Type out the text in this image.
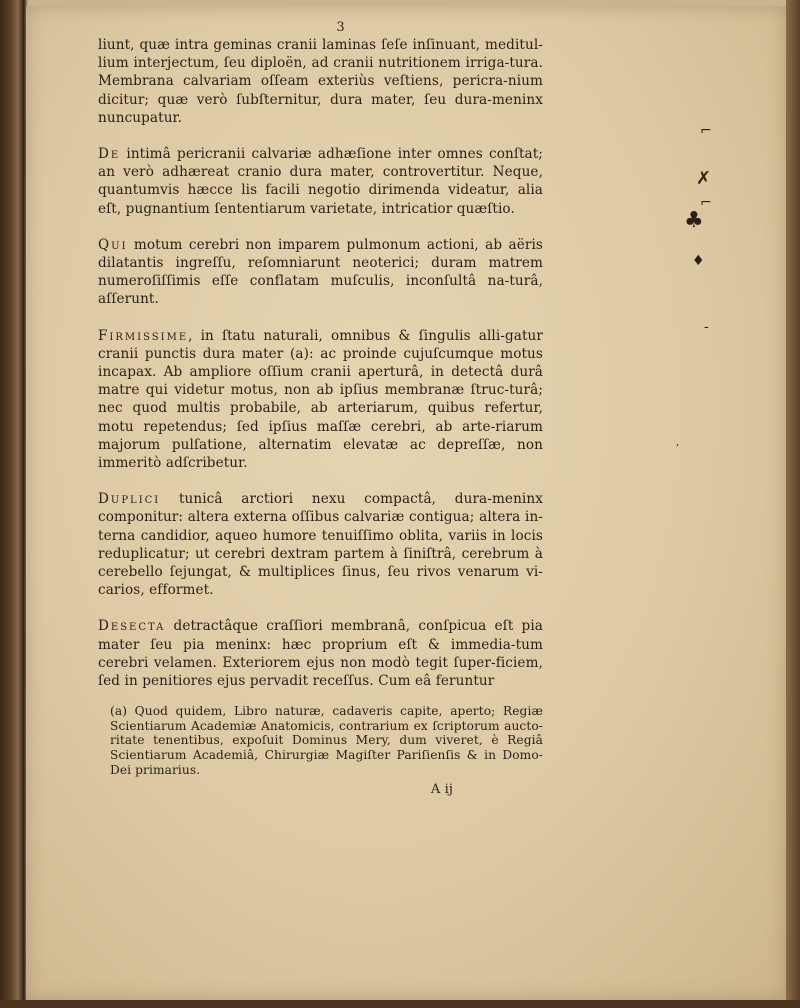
⌐
✗
⌐
♣
♦
-
,
3

liunt, quæ intra geminas cranii laminas ſeſe inſinuant, meditul-lium interjectum, ſeu diploën, ad cranii nutritionem irriga-tura. Membrana calvariam oſſeam exteriùs veſtiens, pericra-nium dicitur; quæ verò ſubſternitur, dura mater, ſeu dura-meninx nuncupatur.

De intimâ pericranii calvariæ adhæſione inter omnes conſtat; an verò adhæreat cranio dura mater, controvertitur. Neque, quantumvis hæcce lis facili negotio dirimenda videatur, alia eſt, pugnantium ſententiarum varietate, intricatior quæſtio.

Qui motum cerebri non imparem pulmonum actioni, ab aëris dilatantis ingreſſu, reſomniarunt neoterici; duram matrem numeroſiſſimis eſſe conflatam muſculis, inconſultâ na-turâ, aſſerunt.

Firmissime, in ſtatu naturali, omnibus & ſingulis alli-gatur cranii punctis dura mater (a): ac proinde cujuſcumque motus incapax. Ab ampliore oſſium cranii aperturâ, in detectâ durâ matre qui videtur motus, non ab ipſius membranæ ſtruc-turâ; nec quod multis probabile, ab arteriarum, quibus refertur, motu repetendus; ſed ipſius maſſæ cerebri, ab arte-riarum majorum pulſatione, alternatim elevatæ ac depreſſæ, non immeritò adſcribetur.

Duplici tunicâ arctiori nexu compactâ, dura-meninx componitur: altera externa oſſibus calvariæ contigua; altera in-terna candidior, aqueo humore tenuiſſimo oblita, variis in locis reduplicatur; ut cerebri dextram partem à ſiniſtrâ, cerebrum à cerebello ſejungat, & multiplices ſinus, ſeu rivos venarum vi-carios, efformet.

Desecta detractâque craſſiori membranâ, conſpicua eſt pia mater ſeu pia meninx: hæc proprium eſt & immedia-tum cerebri velamen. Exteriorem ejus non modò tegit ſuper-ficiem, ſed in penitiores ejus pervadit receſſus. Cum eâ feruntur

(a) Quod quidem, Libro naturæ, cadaveris capite, aperto; Regiæ Scientiarum Academiæ Anatomicis, contrarium ex ſcriptorum aucto-ritate tenentibus, expoſuit Dominus Mery, dum viveret, è Regiâ Scientiarum Academiâ, Chirurgiæ Magiſter Pariſienſis & in Domo-Dei primarius.

A ij
